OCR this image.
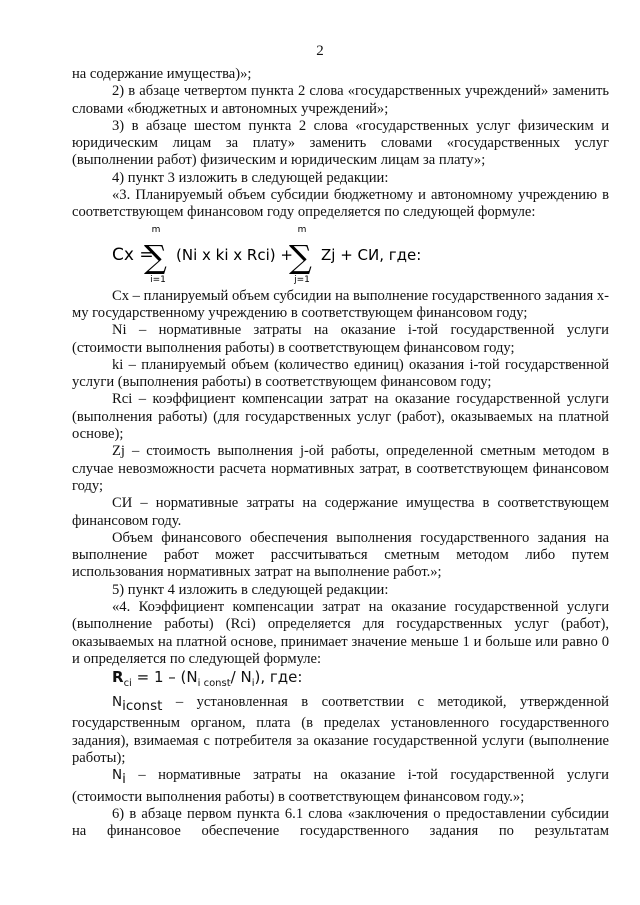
2

на содержание имущества)»;

2) в абзаце четвертом пункта 2 слова «государственных учреждений» заменить словами «бюджетных и автономных учреждений»;

3) в абзаце шестом пункта 2 слова «государственных услуг физическим и юридическим лицам за плату» заменить словами «государственных услуг (выполнении работ) физическим и юридическим лицам за плату»;

4) пункт 3 изложить в следующей редакции:

«3. Планируемый объем субсидии бюджетному и автономному учреждению в соответствующем финансовом году определяется по следующей формуле:

Cx =
m
∑
i=1
(Ni x ki x Rci) +
m
∑
j=1
Zj + СИ, где:

Сх – планируемый объем субсидии на выполнение государственного задания x-му государственному учреждению в соответствующем финансовом году;

Ni – нормативные затраты на оказание i-той государственной услуги (стоимости выполнения работы) в соответствующем финансовом году;

ki – планируемый объем (количество единиц) оказания i-той государственной услуги (выполнения работы) в соответствующем финансовом году;

Rci – коэффициент компенсации затрат на оказание государственной услуги (выполнения работы) (для государственных услуг (работ), оказываемых на платной основе);

Zj – стоимость выполнения j-ой работы, определенной сметным методом в случае невозможности расчета нормативных затрат, в соответствующем финансовом году;

СИ – нормативные затраты на содержание имущества в соответствующем финансовом году.

Объем финансового обеспечения выполнения государственного задания на выполнение работ может рассчитываться сметным методом либо путем использования нормативных затрат на выполнение работ.»;

5) пункт 4 изложить в следующей редакции:

«4. Коэффициент компенсации затрат на оказание государственной услуги (выполнение работы) (Rci) определяется для государственных услуг (работ), оказываемых на платной основе, принимает значение меньше 1 и больше или равно 0 и определяется по следующей формуле:

$R_{ci} = 1 - (N_{i const}/$ $N_i$), где:

$N_{iconst}$ – установленная в соответствии с методикой, утвержденной государственным органом, плата (в пределах установленного государственного задания), взимаемая с потребителя за оказание государственной услуги (выполнение работы);

$N_i$ – нормативные затраты на оказание i-той государственной услуги (стоимости выполнения работы) в соответствующем финансовом году.»;

6) в абзаце первом пункта 6.1 слова «заключения о предоставлении субсидии на финансовое обеспечение государственного задания по результатам
